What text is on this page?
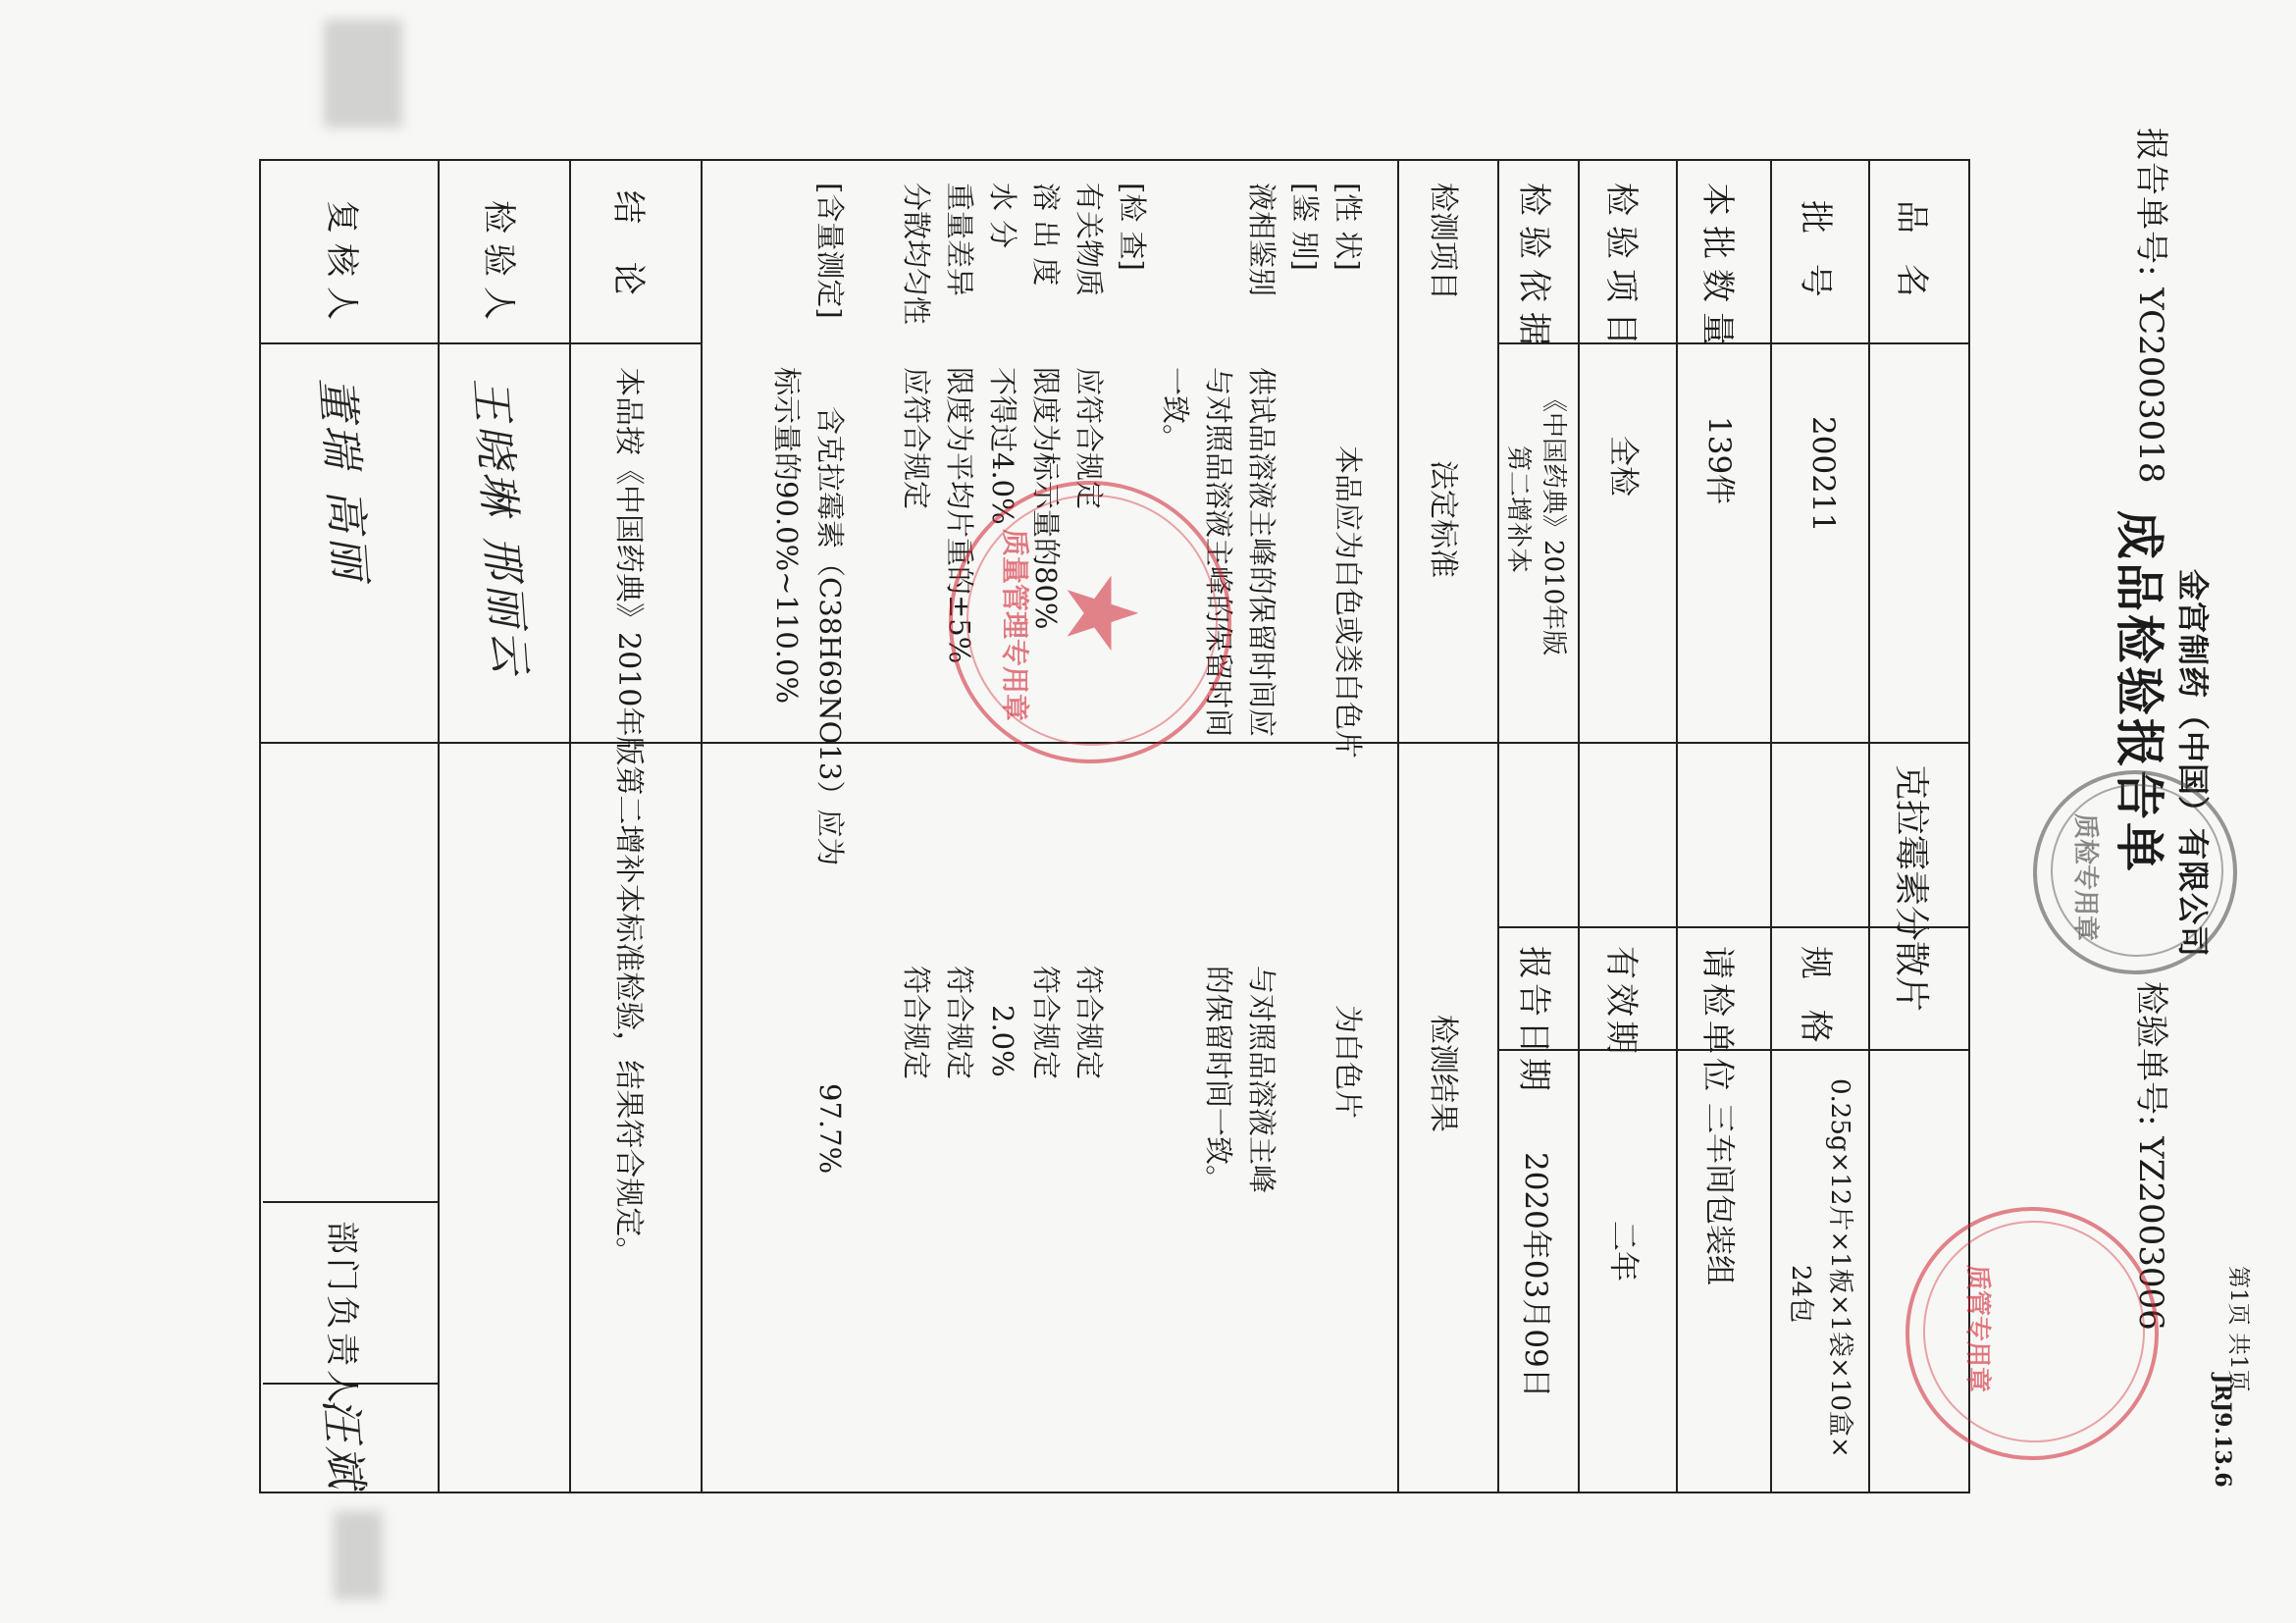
JRJ9.13.6
第1页 共1页
金宫制药（中国）有限公司
成品检验报告单
报告单号: YC2003018
检验单号: YZ2003006
品 名
克拉霉素分散片
批 号
200211
规 格
0.25g×12片×1板×1袋×10盒×
24包
本批数量
139件
请检单位
三车间包装组
检验项目
全检
有效期
二年
检验依据
《中国药典》2010年版
第二增补本
报告日期
2020年03月09日
检测项目
法定标准
检测结果
[性 状]
[鉴 别]
液相鉴别
[检 查]
有关物质
溶 出 度
水 分
重量差异
分散均匀性
[含量测定]
本品应为白色或类白色片
供试品溶液主峰的保留时间应
与对照品溶液主峰的保留时间
一致。
应符合规定
限度为标示量的80%
不得过4.0%
限度为平均片重的±5%
应符合规定
含克拉霉素（C38H69NO13）应为
标示量的90.0%~110.0%
为白色片
与对照品溶液主峰
的保留时间一致。
符合规定
符合规定
2.0%
符合规定
符合规定
97.7%
结 论
本品按《中国药典》2010年版第二增补本标准检验，结果符合规定。
检验人
王晓琳 邢丽云
复核人
董瑞 高丽
部门负责人
汪斌
质检专用章
★
质量管理专用章
质管专用章
